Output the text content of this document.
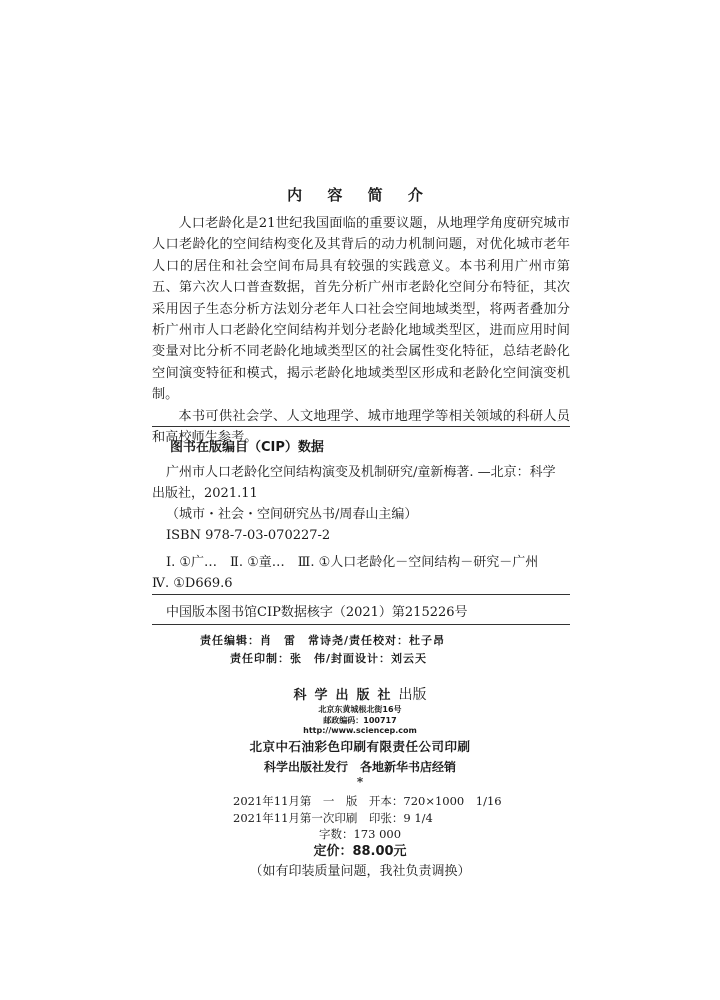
内 容 简 介

人口老龄化是21世纪我国面临的重要议题，从地理学角度研究城市人口老龄化的空间结构变化及其背后的动力机制问题，对优化城市老年人口的居住和社会空间布局具有较强的实践意义。本书利用广州市第五、第六次人口普查数据，首先分析广州市老龄化空间分布特征，其次采用因子生态分析方法划分老年人口社会空间地域类型，将两者叠加分析广州市人口老龄化空间结构并划分老龄化地域类型区，进而应用时间变量对比分析不同老龄化地域类型区的社会属性变化特征，总结老龄化空间演变特征和模式，揭示老龄化地域类型区形成和老龄化空间演变机制。

本书可供社会学、人文地理学、城市地理学等相关领域的科研人员和高校师生参考。

图书在版编目（CIP）数据
广州市人口老龄化空间结构演变及机制研究/童新梅著. —北京：科学
出版社，2021.11
（城市・社会・空间研究丛书/周春山主编）
ISBN 978-7-03-070227-2
Ⅰ. ①广…　Ⅱ. ①童…　Ⅲ. ①人口老龄化－空间结构－研究－广州
Ⅳ. ①D669.6
中国版本图书馆CIP数据核字（2021）第215226号
责任编辑：肖　雷　常诗尧/责任校对：杜子昂
责任印制：张　伟/封面设计：刘云天
科学出版社出版
北京东黄城根北街16号
邮政编码：100717
http://www.sciencep.com
北京中石油彩色印刷有限责任公司印刷
科学出版社发行　各地新华书店经销
*
2021年11月第　一　版　开本：720×1000　1/16
2021年11月第一次印刷　印张：9 1/4
字数：173 000
定价：88.00元
（如有印装质量问题，我社负责调换）
